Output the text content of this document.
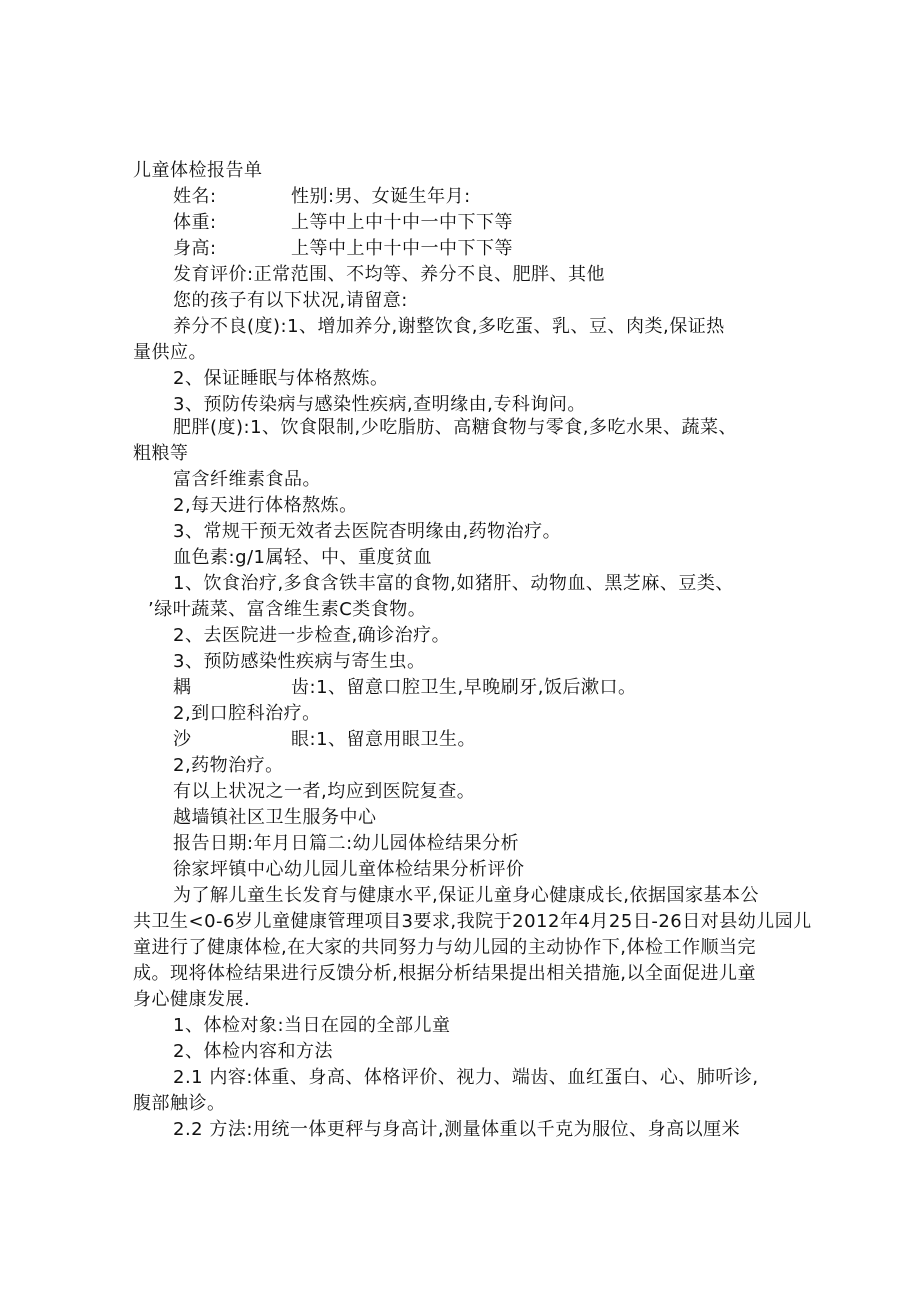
儿童体检报告单
姓名:	性别:男、女诞生年月:
体重:	上等中上中十中一中下下等
身高:	上等中上中十中一中下下等
发育评价:正常范围、不均等、养分不良、肥胖、其他
您的孩子有以下状况,请留意:
养分不良(度):1、增加养分,谢整饮食,多吃蛋、乳、豆、肉类,保证热
量供应。
2、保证睡眠与体格熬炼。
3、预防传染病与感染性疾病,查明缘由,专科询问。
肥胖(度):1、饮食限制,少吃脂肪、高糖食物与零食,多吃水果、蔬菜、
粗粮等
富含纤维素食品。
2,每天进行体格熬炼。
3、常规干预无效者去医院杳明缘由,药物治疗。
血色素:g/1属轻、中、重度贫血
1、饮食治疗,多食含铁丰富的食物,如猪肝、动物血、黑芝麻、豆类、
’绿叶蔬菜、富含维生素C类食物。
2、去医院进一步检查,确诊治疗。
3、预防感染性疾病与寄生虫。
耦	齿:1、留意口腔卫生,早晚刷牙,饭后漱口。
2,到口腔科治疗。
沙	眼:1、留意用眼卫生。
2,药物治疗。
有以上状况之一者,均应到医院复查。
越墙镇社区卫生服务中心
报告日期:年月日篇二:幼儿园体检结果分析
徐家坪镇中心幼儿园儿童体检结果分析评价
为了解儿童生长发育与健康水平,保证儿童身心健康成长,依据国家基本公
共卫生<0-6岁儿童健康管理项目3要求,我院于2012年4月25日-26日对县幼儿园儿
童进行了健康体检,在大家的共同努力与幼儿园的主动协作下,体检工作顺当完
成。现将体检结果进行反馈分析,根据分析结果提出相关措施,以全面促进儿童
身心健康发展.
1、体检对象:当日在园的全部儿童
2、体检内容和方法
2.1 内容:体重、身高、体格评价、视力、端齿、血红蛋白、心、肺听诊,
腹部触诊。
2.2 方法:用统一体更秤与身高计,测量体重以千克为服位、身高以厘米
